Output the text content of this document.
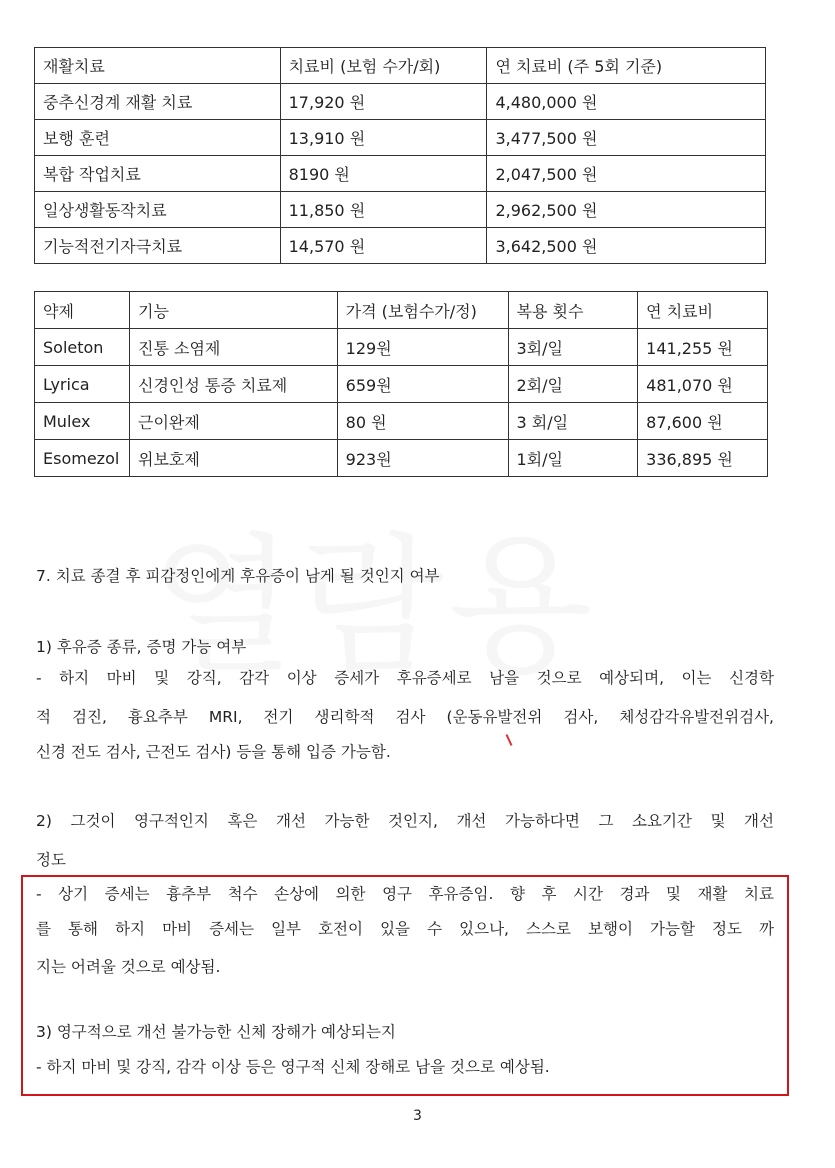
재활치료	치료비 (보험 수가/회)	연 치료비 (주 5회 기준)
중추신경계 재활 치료	17,920 원	4,480,000 원
보행 훈련	13,910 원	3,477,500 원
복합 작업치료	8190 원	2,047,500 원
일상생활동작치료	11,850 원	2,962,500 원
기능적전기자극치료	14,570 원	3,642,500 원
약제	기능	가격 (보험수가/정)	복용 횟수	연 치료비
Soleton	진통 소염제	129원	3회/일	141,255 원
Lyrica	신경인성 통증 치료제	659원	2회/일	481,070 원
Mulex	근이완제	80 원	3 회/일	87,600 원
Esomezol	위보호제	923원	1회/일	336,895 원
7. 치료 종결 후 피감정인에게 후유증이 남게 될 것인지 여부
1) 후유증 종류, 증명 가능 여부
- 하지 마비 및 강직, 감각 이상 증세가 후유증세로 남을 것으로 예상되며, 이는 신경학
적 검진, 흉요추부 MRI, 전기 생리학적 검사 (운동유발전위 검사, 체성감각유발전위검사,
신경 전도 검사, 근전도 검사) 등을 통해 입증 가능함.
2) 그것이 영구적인지 혹은 개선 가능한 것인지, 개선 가능하다면 그 소요기간 및 개선
정도
- 상기 증세는 흉추부 척수 손상에 의한 영구 후유증임. 향 후 시간 경과 및 재활 치료
를 통해 하지 마비 증세는 일부 호전이 있을 수 있으나, 스스로 보행이 가능할 정도 까
지는 어려울 것으로 예상됨.
3) 영구적으로 개선 불가능한 신체 장해가 예상되는지
- 하지 마비 및 강직, 감각 이상 등은 영구적 신체 장해로 남을 것으로 예상됨.
3
